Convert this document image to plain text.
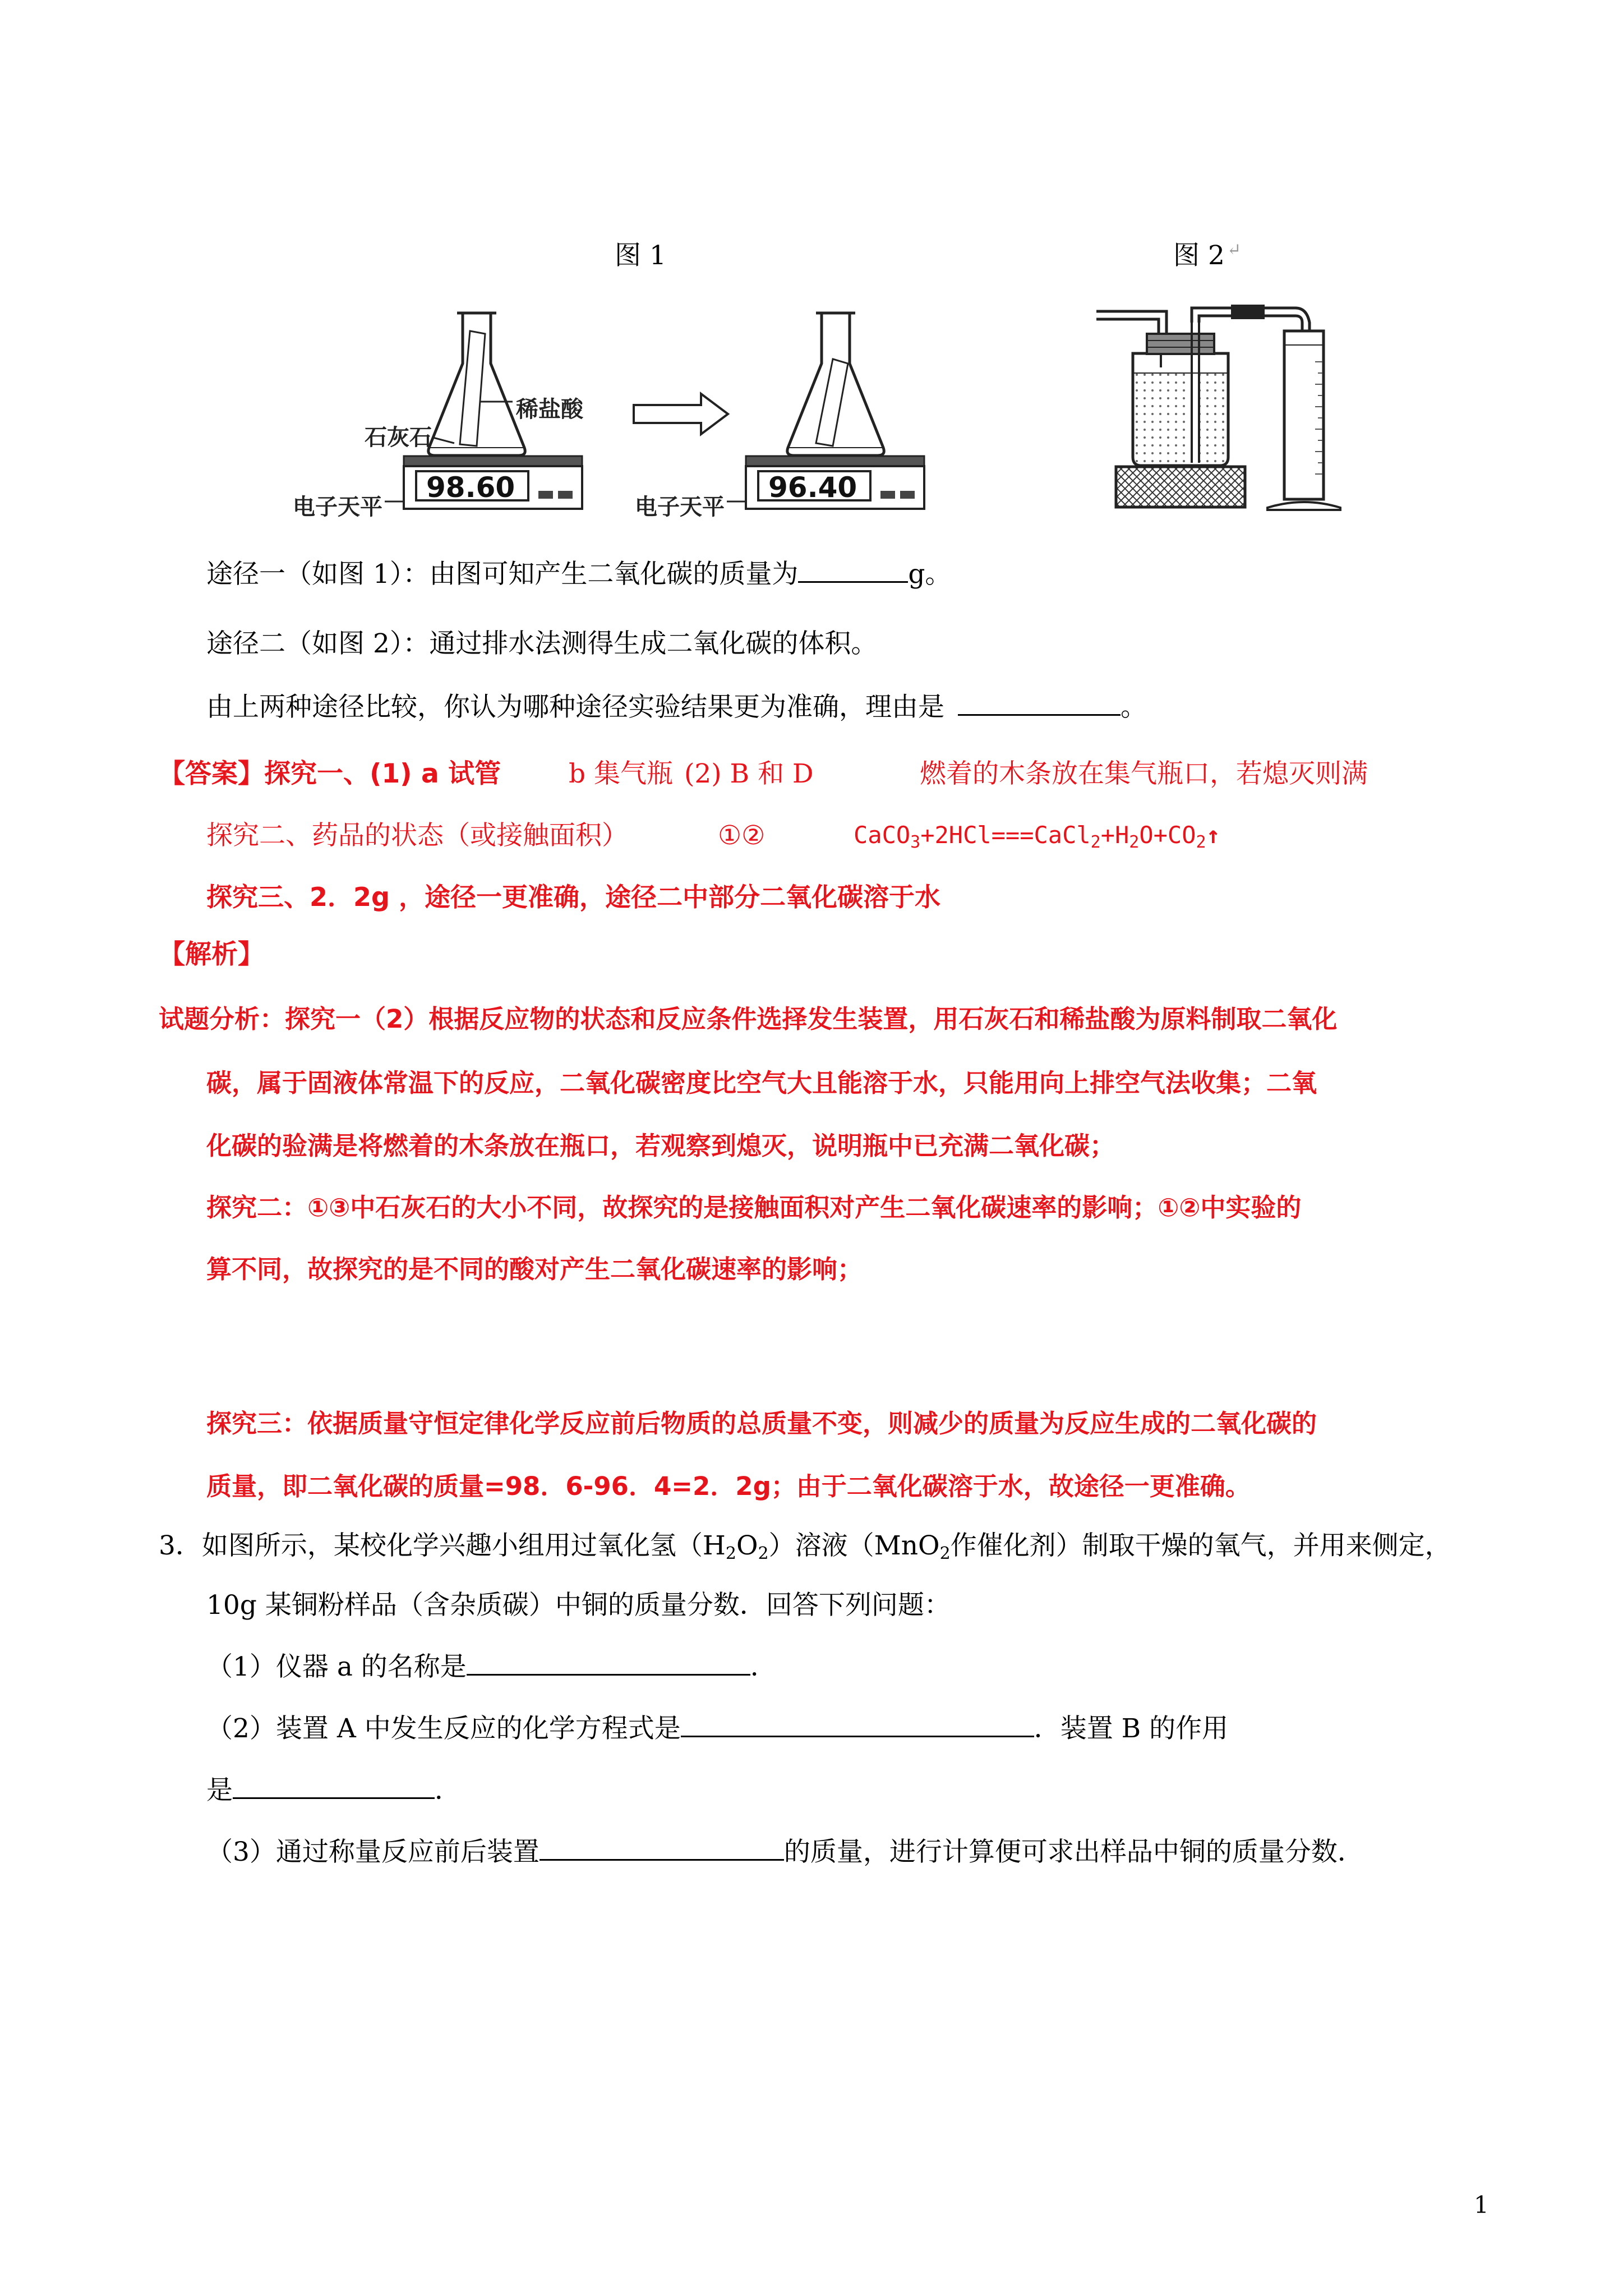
图 1	图 2 ↵
石灰石
稀盐酸
电子天平	电子天平
98.60	96.40
途径一（如图 1）：由图可知产生二氧化碳的质量为	g。
途径二（如图 2）：通过排水法测得生成二氧化碳的体积。
由上两种途径比较，你认为哪种途径实验结果更为准确，理由是	。
【答案】探究一、(1) a 试管	b 集气瓶 (2) B 和 D	燃着的木条放在集气瓶口，若熄灭则满
探究二、药品的状态（或接触面积）	①②	$CaCO_3+2HCl===CaCl_2+H_2O+CO_2↑$
探究三、2．2g ，途径一更准确，途径二中部分二氧化碳溶于水
【解析】
试题分析：探究一（2）根据反应物的状态和反应条件选择发生装置，用石灰石和稀盐酸为原料制取二氧化
碳，属于固液体常温下的反应，二氧化碳密度比空气大且能溶于水，只能用向上排空气法收集；二氧
化碳的验满是将燃着的木条放在瓶口，若观察到熄灭，说明瓶中已充满二氧化碳；
探究二：①③中石灰石的大小不同，故探究的是接触面积对产生二氧化碳速率的影响；①②中实验的
算不同，故探究的是不同的酸对产生二氧化碳速率的影响；
探究三：依据质量守恒定律化学反应前后物质的总质量不变，则减少的质量为反应生成的二氧化碳的
质量，即二氧化碳的质量=98．6-96．4=2．2g；由于二氧化碳溶于水，故途径一更准确。
3．如图所示，某校化学兴趣小组用过氧化氢$(H_2O_2)$溶液（MnO$_2$作催化剂）制取干燥的氧气，并用来侧定，
10g 某铜粉样品（含杂质碳）中铜的质量分数．回答下列问题：
（1）仪器 a 的名称是	．
（2）装置 A 中发生反应的化学方程式是	．装置 B 的作用
是	．
（3）通过称量反应前后装置	的质量，进行计算便可求出样品中铜的质量分数．
1
